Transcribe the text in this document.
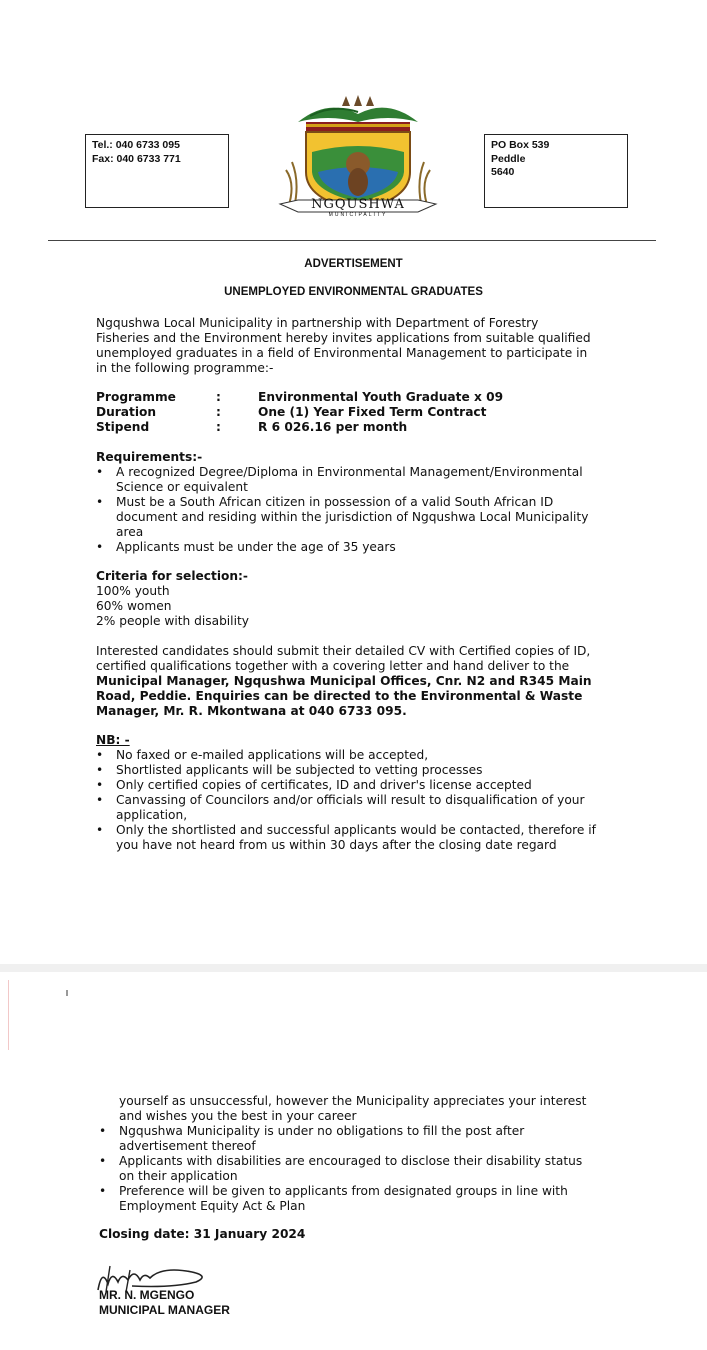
Tel.: 040 6733 095
Fax: 040 6733 771
NGQUSHWA
MUNICIPALITY
PO Box 539
Peddle
5640
ADVERTISEMENT
UNEMPLOYED ENVIRONMENTAL GRADUATES
Ngqushwa Local Municipality in partnership with Department of Forestry
Fisheries and the Environment hereby invites applications from suitable qualified
unemployed graduates in a field of Environmental Management to participate in
in the following programme:-
Programme	:	Environmental Youth Graduate x 09
Duration	:	One (1) Year Fixed Term Contract
Stipend	:	R 6 026.16 per month
Requirements:-
• A recognized Degree/Diploma in Environmental Management/Environmental
Science or equivalent
• Must be a South African citizen in possession of a valid South African ID
document and residing within the jurisdiction of Ngqushwa Local Municipality
area
• Applicants must be under the age of 35 years
Criteria for selection:-
100% youth
60% women
2% people with disability
Interested candidates should submit their detailed CV with Certified copies of ID,
certified qualifications together with a covering letter and hand deliver to the
Municipal Manager, Ngqushwa Municipal Offices, Cnr. N2 and R345 Main
Road, Peddie. Enquiries can be directed to the Environmental & Waste
Manager, Mr. R. Mkontwana at 040 6733 095.
NB: -
• No faxed or e-mailed applications will be accepted,
• Shortlisted applicants will be subjected to vetting processes
• Only certified copies of certificates, ID and driver's license accepted
• Canvassing of Councilors and/or officials will result to disqualification of your
application,
• Only the shortlisted and successful applicants would be contacted, therefore if
you have not heard from us within 30 days after the closing date regard
yourself as unsuccessful, however the Municipality appreciates your interest
and wishes you the best in your career
• Ngqushwa Municipality is under no obligations to fill the post after
advertisement thereof
• Applicants with disabilities are encouraged to disclose their disability status
on their application
• Preference will be given to applicants from designated groups in line with
Employment Equity Act & Plan
Closing date: 31 January 2024
MR. N. MGENGO
MUNICIPAL MANAGER
